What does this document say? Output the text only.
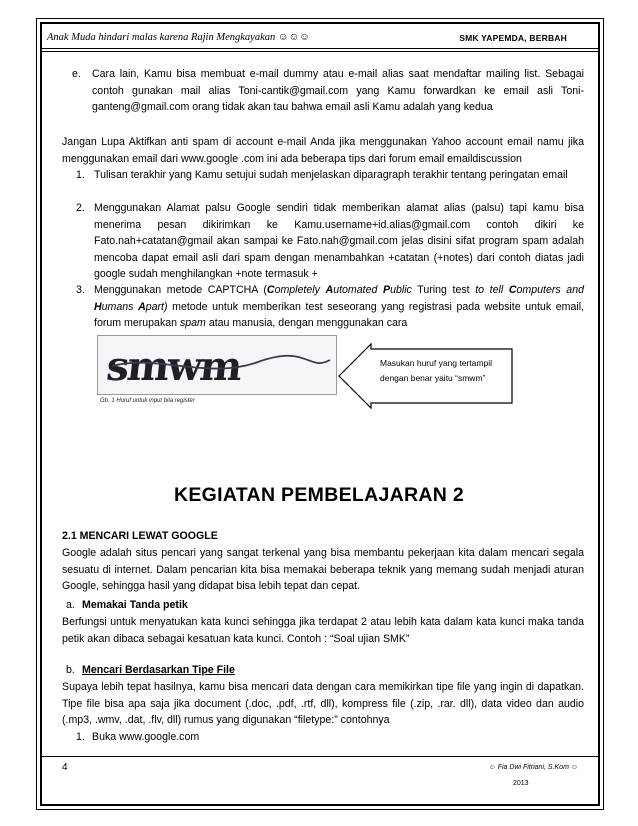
Anak Muda hindari malas karena Rajin Mengkayakan ☺☺☺	SMK YAPEMDA, BERBAH
e. Cara lain, Kamu bisa membuat e-mail dummy atau e-mail alias saat mendaftar mailing list. Sebagai contoh gunakan mail alias Toni-cantik@gmail.com yang Kamu forwardkan ke email asli Toni-ganteng@gmail.com orang tidak akan tau bahwa email asli Kamu adalah yang kedua
Jangan Lupa Aktifkan anti spam di account e-mail Anda jika menggunakan Yahoo account email namu jika menggunakan email dari www.google .com ini ada beberapa tips dari forum email emaildiscussion
1. Tulisan terakhir yang Kamu setujui sudah menjelaskan diparagraph terakhir tentang peringatan email
2. Menggunakan Alamat palsu Google sendiri tidak memberikan alamat alias (palsu) tapi kamu bisa menerima pesan dikirimkan ke Kamu.username+id.alias@gmail.com contoh dikiri ke Fato.nah+catatan@gmail akan sampai ke Fato.nah@gmail.com jelas disini sifat program spam adalah mencoba dapat email asli dari spam dengan menambahkan +catatan (+notes) dari contoh diatas jadi google sudah menghilangkan +note termasuk +
3. Menggunakan metode CAPTCHA (Completely Automated Public Turing test to tell Computers and Humans Apart) metode untuk memberikan test seseorang yang registrasi pada website untuk email, forum merupakan spam atau manusia, dengan menggunakan cara
smwm
Gb. 1 Huruf untuk input bila register
Masukan huruf yang tertampil
dengan benar yaitu “smwm”
KEGIATAN PEMBELAJARAN 2
2.1 MENCARI LEWAT GOOGLE
Google adalah situs pencari yang sangat terkenal yang bisa membantu pekerjaan kita dalam mencari segala sesuatu di internet. Dalam pencarian kita bisa memakai beberapa teknik yang memang sudah menjadi aturan Google, sehingga hasil yang didapat bisa lebih tepat dan cepat.
a. Memakai Tanda petik
Berfungsi untuk menyatukan kata kunci sehingga jika terdapat 2 atau lebih kata dalam kata kunci maka tanda petik akan dibaca sebagai kesatuan kata kunci. Contoh : “Soal ujian SMK”
b. Mencari Berdasarkan Tipe File
Supaya lebih tepat hasilnya, kamu bisa mencari data dengan cara memikirkan tipe file yang ingin di dapatkan. Tipe file bisa apa saja jika document (.doc, .pdf, .rtf, dll), kompress file (.zip, .rar. dll), data video dan audio (.mp3, .wmv, .dat, .flv, dll) rumus yang digunakan “filetype:” contohnya
1. Buka www.google.com
4	☺ Fia Dwi Fitriani, S.Kom ☺
2013
